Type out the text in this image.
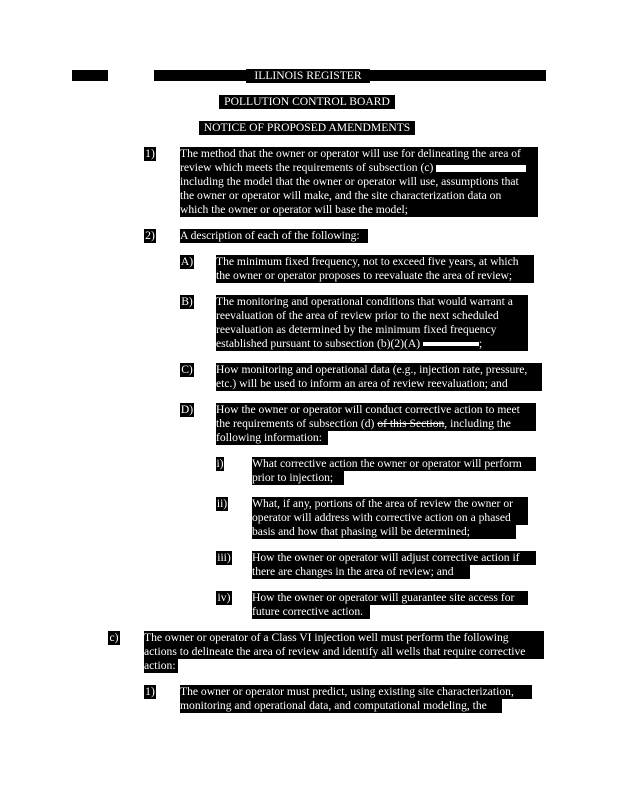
ILLINOIS REGISTER
POLLUTION CONTROL BOARD
NOTICE OF PROPOSED AMENDMENTS
1) The method that the owner or operator will use for delineating the area of
review which meets the requirements of subsection (c)
including the model that the owner or operator will use, assumptions that
the owner or operator will make, and the site characterization data on
which the owner or operator will base the model;
2) A description of each of the following:
A) The minimum fixed frequency, not to exceed five years, at which
the owner or operator proposes to reevaluate the area of review;
B) The monitoring and operational conditions that would warrant a
reevaluation of the area of review prior to the next scheduled
reevaluation as determined by the minimum fixed frequency
established pursuant to subsection (b)(2)(A)	;
C) How monitoring and operational data (e.g., injection rate, pressure,
etc.) will be used to inform an area of review reevaluation; and
D) How the owner or operator will conduct corrective action to meet
the requirements of subsection (d) of this Section, including the
following information:
i) What corrective action the owner or operator will perform
prior to injection;
ii) What, if any, portions of the area of review the owner or
operator will address with corrective action on a phased
basis and how that phasing will be determined;
iii) How the owner or operator will adjust corrective action if
there are changes in the area of review; and
iv) How the owner or operator will guarantee site access for
future corrective action.
c) The owner or operator of a Class VI injection well must perform the following
actions to delineate the area of review and identify all wells that require corrective
action:
1) The owner or operator must predict, using existing site characterization,
monitoring and operational data, and computational modeling, the
